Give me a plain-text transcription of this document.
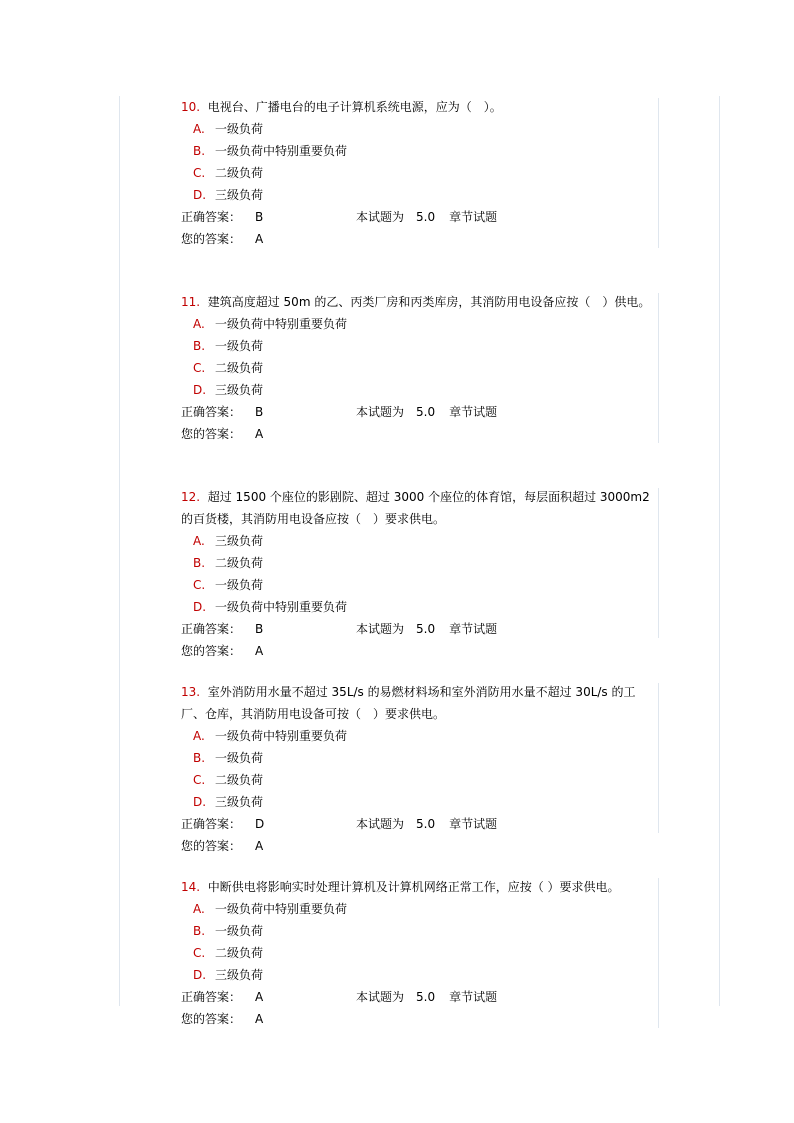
10. 电视台、广播电台的电子计算机系统电源，应为（　）。
A. 一级负荷
B. 一级负荷中特别重要负荷
C. 二级负荷
D. 三级负荷
正确答案： B	本试题为 5.0 章节试题
您的答案： A
11. 建筑高度超过 50m 的乙、丙类厂房和丙类库房，其消防用电设备应按（　）供电。
A. 一级负荷中特别重要负荷
B. 一级负荷
C. 二级负荷
D. 三级负荷
正确答案： B	本试题为 5.0 章节试题
您的答案： A
12. 超过 1500 个座位的影剧院、超过 3000 个座位的体育馆，每层面积超过 3000m2 的百货楼，其消防用电设备应按（　）要求供电。
A. 三级负荷
B. 二级负荷
C. 一级负荷
D. 一级负荷中特别重要负荷
正确答案： B	本试题为 5.0 章节试题
您的答案： A
13. 室外消防用水量不超过 35L/s 的易燃材料场和室外消防用水量不超过 30L/s 的工厂、仓库，其消防用电设备可按（　）要求供电。
A. 一级负荷中特别重要负荷
B. 一级负荷
C. 二级负荷
D. 三级负荷
正确答案： D	本试题为 5.0 章节试题
您的答案： A
14. 中断供电将影响实时处理计算机及计算机网络正常工作，应按（ ）要求供电。
A. 一级负荷中特别重要负荷
B. 一级负荷
C. 二级负荷
D. 三级负荷
正确答案： A	本试题为 5.0 章节试题
您的答案： A
